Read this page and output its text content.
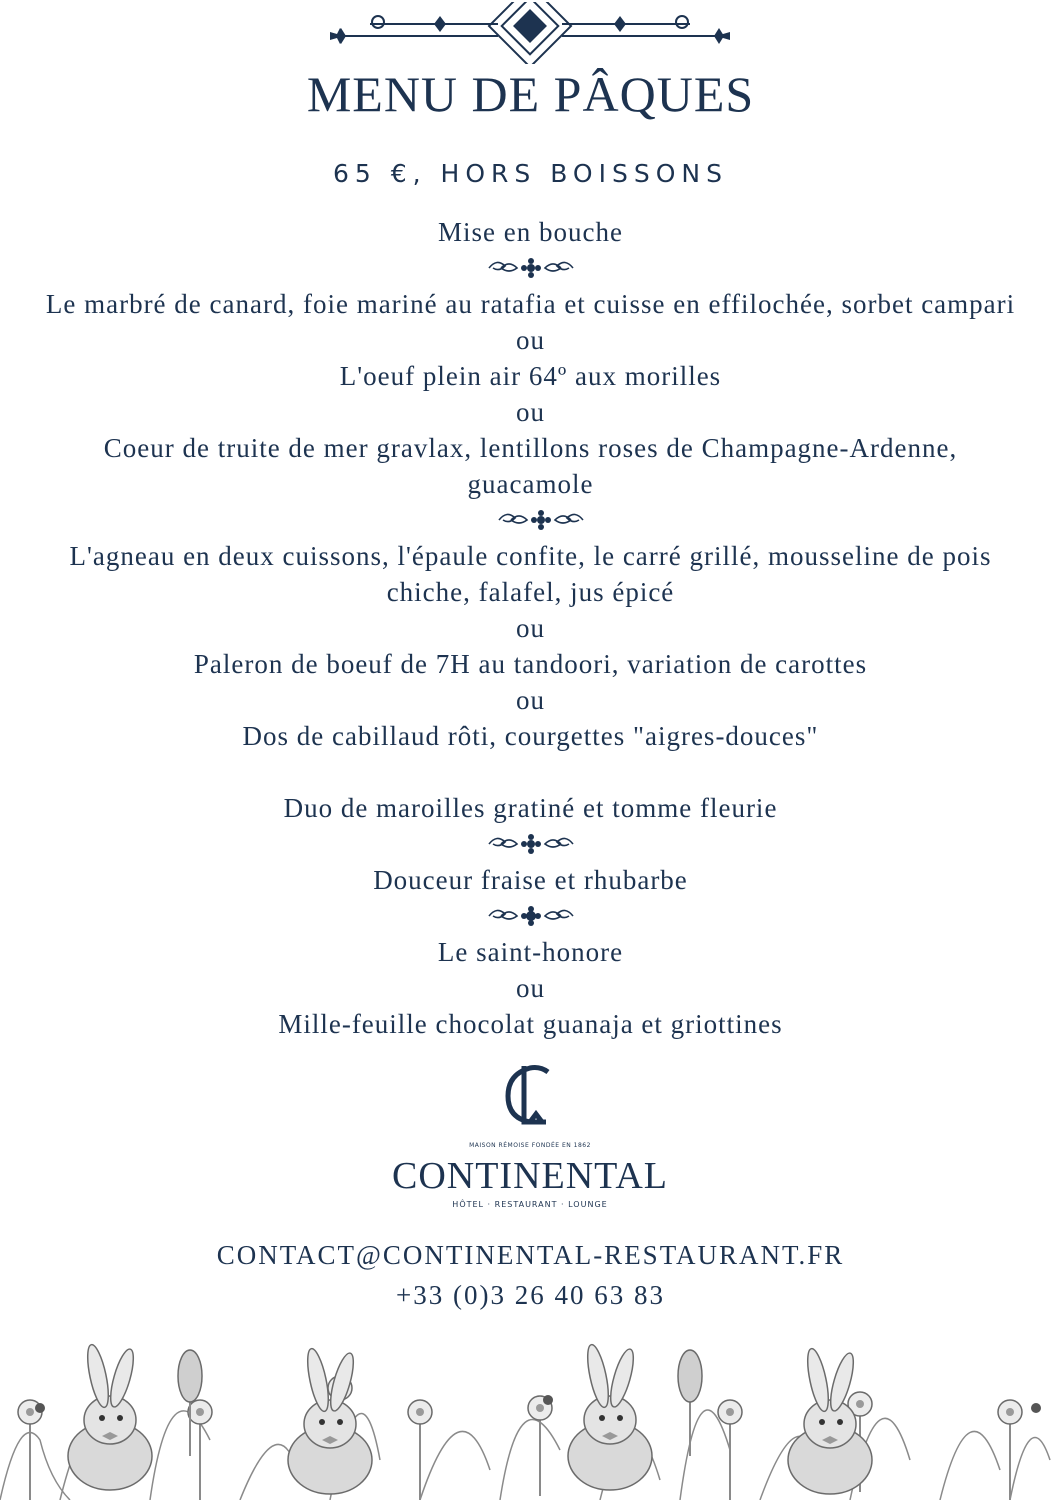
MENU DE PÂQUES
65 €, HORS BOISSONS
Mise en bouche
Le marbré de canard, foie mariné au ratafia et cuisse en effilochée, sorbet campari
ou
L'oeuf plein air 64º aux morilles
ou
Coeur de truite de mer gravlax, lentillons roses de Champagne-Ardenne, guacamole
L'agneau en deux cuissons, l'épaule confite, le carré grillé, mousseline de pois chiche, falafel, jus épicé
ou
Paleron de boeuf de 7H au tandoori, variation de carottes
ou
Dos de cabillaud rôti, courgettes "aigres-douces"
Duo de maroilles gratiné et tomme fleurie
Douceur fraise et rhubarbe
Le saint-honore
ou
Mille-feuille chocolat guanaja et griottines
MAISON RÉMOISE FONDÉE EN 1862
CONTINENTAL
HÔTEL · RESTAURANT · LOUNGE
CONTACT@CONTINENTAL-RESTAURANT.FR
+33 (0)3 26 40 63 83
